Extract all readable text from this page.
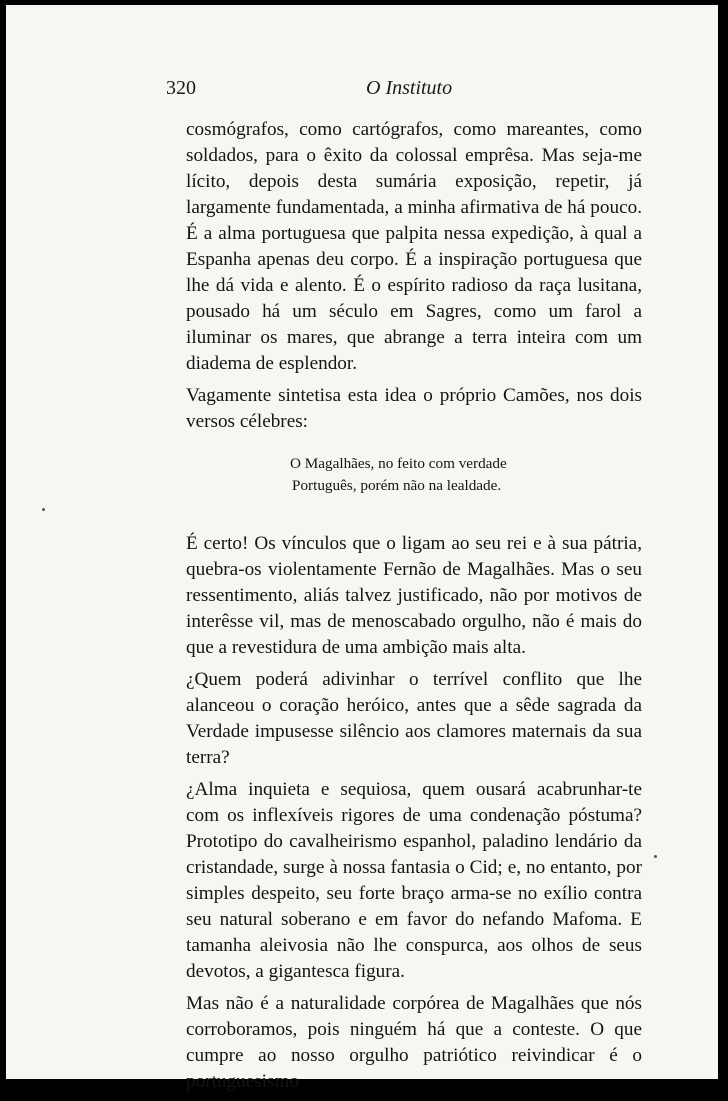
320	O Instituto

cosmógrafos, como cartógrafos, como mareantes, como soldados, para o êxito da colossal emprêsa. Mas seja-me lícito, depois desta sumária exposição, repetir, já largamente fundamentada, a minha afirmativa de há pouco. É a alma portuguesa que palpita nessa expedição, à qual a Espanha apenas deu corpo. É a inspiração portuguesa que lhe dá vida e alento. É o espírito radioso da raça lusitana, pousado há um século em Sagres, como um farol a iluminar os mares, que abrange a terra inteira com um diadema de esplendor.

Vagamente sintetisa esta idea o próprio Camões, nos dois versos célebres:

O Magalhães, no feito com verdade
Português, porém não na lealdade.

É certo! Os vínculos que o ligam ao seu rei e à sua pátria, quebra-os violentamente Fernão de Magalhães. Mas o seu ressentimento, aliás talvez justificado, não por motivos de interêsse vil, mas de menoscabado orgulho, não é mais do que a revestidura de uma ambição mais alta.

¿Quem poderá adivinhar o terrível conflito que lhe alanceou o coração heróico, antes que a sêde sagrada da Verdade impusesse silêncio aos clamores maternais da sua terra?

¿Alma inquieta e sequiosa, quem ousará acabrunhar-te com os inflexíveis rigores de uma condenação póstuma? Prototipo do cavalheirismo espanhol, paladino lendário da cristandade, surge à nossa fantasia o Cid; e, no entanto, por simples despeito, seu forte braço arma-se no exílio contra seu natural soberano e em favor do nefando Mafoma. E tamanha aleivosia não lhe conspurca, aos olhos de seus devotos, a gigantesca figura.

Mas não é a naturalidade corpórea de Magalhães que nós corroboramos, pois ninguém há que a conteste. O que cumpre ao nosso orgulho patriótico reivindicar é o portuguesismo
